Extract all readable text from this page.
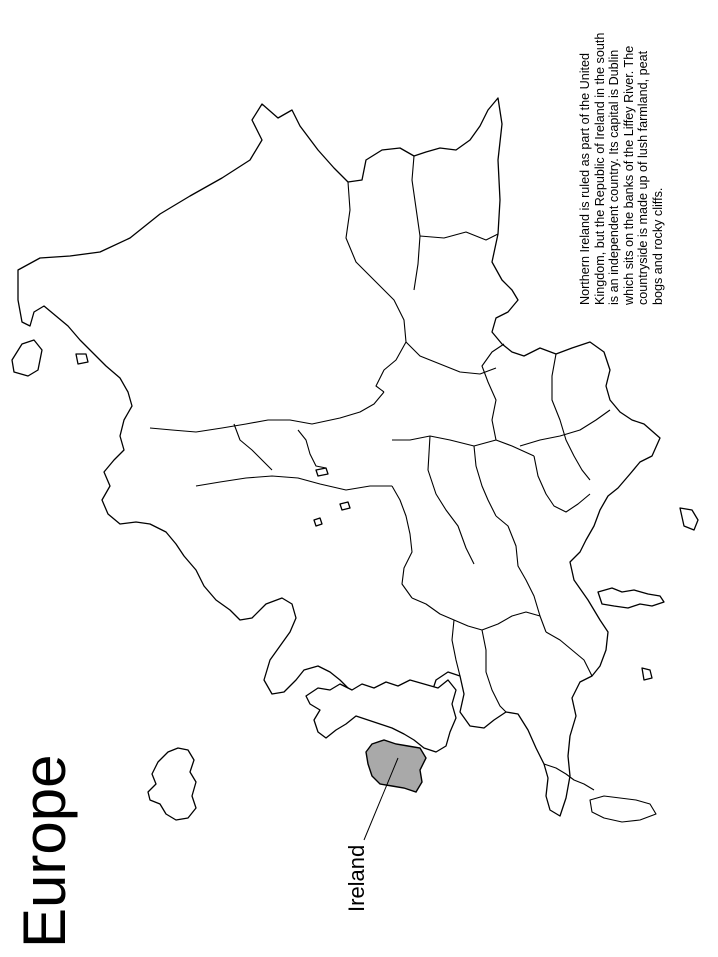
Europe	Ireland
Northern Ireland is ruled as part of the United Kingdom, but the Republic of Ireland in the south is an independent country. Its capital is Dublin which sits on the banks of the Liffey River. The countryside is made up of lush farmland, peat bogs and rocky cliffs.
